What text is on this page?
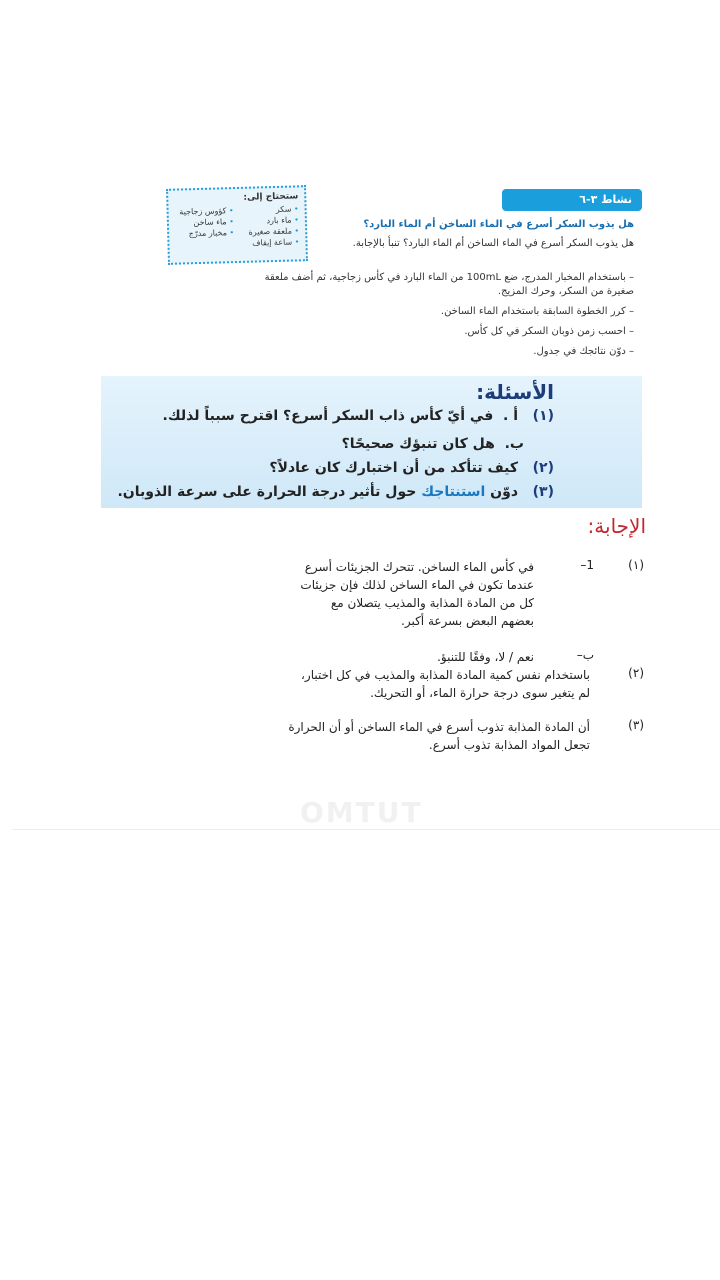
نشاط ٣-٦
هل يذوب السكر أسرع في الماء الساخن أم الماء البارد؟
هل يذوب السكر أسرع في الماء الساخن أم الماء البارد؟ تنبأ بالإجابة.
– باستخدام المخبار المدرج، ضع 100mL من الماء البارد في كأس زجاجية، ثم أضف ملعقة صغيرة من السكر، وحرك المزيج.
– كرر الخطوة السابقة باستخدام الماء الساخن.
– احسب زمن ذوبان السكر في كل كأس.
– دوّن نتائجك في جدول.
ستحتاج إلى:
• سكر
• كؤوس زجاجية
• ماء بارد
• ماء ساخن
• ملعقة صغيرة
• مخبار مدرّج
• ساعة إيقاف
الأسئلة:
(١)   أ .  في أيّ كأس ذاب السكر أسرع؟ اقترح سبباً لذلك.
ب.  هل كان تنبؤك صحيحًا؟
(٢)   كيف تتأكد من أن اختبارك كان عادلاً؟
(٣)   دوّن استنتاجك حول تأثير درجة الحرارة على سرعة الذوبان.
الإجابة:
(١)
1–
في كأس الماء الساخن. تتحرك الجزيئات أسرع عندما تكون في الماء الساخن لذلك فإن جزيئات كل من المادة المذابة والمذيب يتصلان مع بعضهم البعض بسرعة أكبر.
ب–
نعم / لا، وفقًا للتنبؤ.
(٢)
باستخدام نفس كمية المادة المذابة والمذيب في كل اختبار، لم يتغير سوى درجة حرارة الماء، أو التحريك.
(٣)
أن المادة المذابة تذوب أسرع في الماء الساخن أو أن الحرارة تجعل المواد المذابة تذوب أسرع.
OMTUT
